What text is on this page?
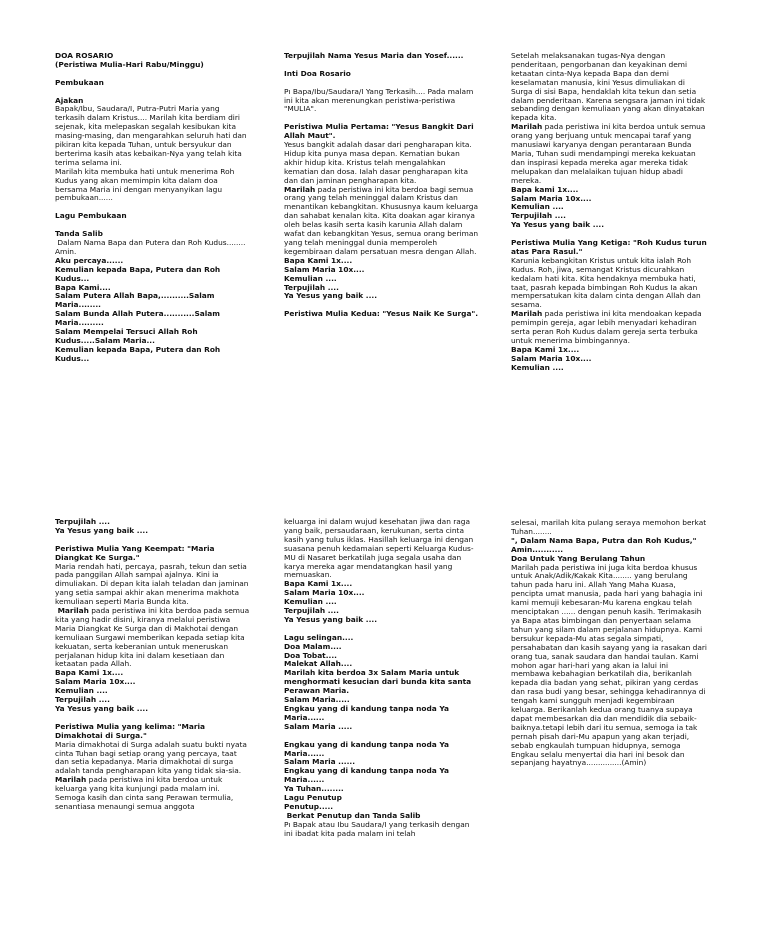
DOA ROSARIO
(Peristiwa Mulia-Hari Rabu/Minggu)
Pembukaan
Ajakan
Bapak/Ibu, Saudara/I, Putra-Putri Maria yang terkasih dalam Kristus.... Marilah kita berdiam diri sejenak, kita melepaskan segalah kesibukan kita masing-masing, dan mengarahkan seluruh hati dan pikiran kita kepada Tuhan, untuk bersyukur dan berterima kasih atas kebaikan-Nya yang telah kita terima selama ini.
Marilah kita membuka hati untuk menerima Roh Kudus yang akan memimpin kita dalam doa bersama Maria ini dengan menyanyikan lagu pembukaan......
Lagu Pembukaan
Tanda Salib
Dalam Nama Bapa dan Putera dan Roh Kudus........ Amin.
Aku percaya......
Kemulian kepada Bapa, Putera dan Roh Kudus...
Bapa Kami....
Salam Putera Allah Bapa,..........Salam Maria........
Salam Bunda Allah Putera...........Salam Maria.........
Salam Mempelai Tersuci Allah Roh Kudus.....Salam Maria...
Kemulian kepada Bapa, Putera dan Roh Kudus...
Terpujilah Nama Yesus Maria dan Yosef......
Inti Doa Rosario
Pı Bapa/Ibu/Saudara/I Yang Terkasih.... Pada malam ini kita akan merenungkan peristiwa-peristiwa "MULIA".
Peristiwa Mulia Pertama: "Yesus Bangkit Dari Allah Maut".
Yesus bangkit adalah dasar dari pengharapan kita. Hidup kita punya masa depan. Kematian bukan akhir hidup kita. Kristus telah mengalahkan kematian dan dosa. Ialah dasar pengharapan kita dan dan jaminan pengharapan kita.
Marilah pada peristiwa ini kita berdoa bagi semua orang yang telah meninggal dalam Kristus dan menantikan kebangkitan. Khususnya kaum keluarga dan sahabat kenalan kita. Kita doakan agar kiranya oleh belas kasih serta kasih karunia Allah dalam wafat dan kebangkitan Yesus, semua orang beriman yang telah meninggal dunia memperoleh kegembiraan dalam persatuan mesra dengan Allah.
Bapa Kami 1x....
Salam Maria 10x....
Kemulian ....
Terpujilah ....
Ya Yesus yang baik ....
Peristiwa Mulia Kedua: "Yesus Naik Ke Surga".
Setelah melaksanakan tugas-Nya dengan penderitaan, pengorbanan dan keyakinan demi ketaatan cinta-Nya kepada Bapa dan demi keselamatan manusia, kini Yesus dimuliakan di Surga di sisi Bapa, hendaklah kita tekun dan setia dalam penderitaan. Karena sengsara jaman ini tidak sebanding dengan kemuliaan yang akan dinyatakan kepada kita.
Marilah pada peristiwa ini kita berdoa untuk semua orang yang berjuang untuk mencapai taraf yang manusiawi karyanya dengan perantaraan Bunda Maria, Tuhan sudi mendampingi mereka kekuatan dan inspirasi kepada mereka agar mereka tidak melupakan dan melalaikan tujuan hidup abadi mereka.
Bapa kami 1x....
Salam Maria 10x....
Kemulian ....
Terpujilah ....
Ya Yesus yang baik ....
Peristiwa Mulia Yang Ketiga: "Roh Kudus turun atas Para Rasul."
Karunia kebangkitan Kristus untuk kita ialah Roh Kudus. Roh, jiwa, semangat Kristus dicurahkan kedalam hati kita. Kita hendaknya membuka hati, taat, pasrah kepada bimbingan Roh Kudus Ia akan mempersatukan kita dalam cinta dengan Allah dan sesama.
Marilah pada peristiwa ini kita mendoakan kepada pemimpin gereja, agar lebih menyadari kehadiran serta peran Roh Kudus dalam gereja serta terbuka untuk menerima bimbingannya.
Bapa Kami 1x....
Salam Maria 10x....
Kemulian ....
Terpujilah ....
Ya Yesus yang baik ....
Peristiwa Mulia Yang Keempat: "Maria Diangkat Ke Surga."
Maria rendah hati, percaya, pasrah, tekun dan setia pada panggilan Allah sampai ajalnya. Kini ia dimuliakan. Di depan kita ialah teladan dan jaminan yang setia sampai akhir akan menerima makhota kemuliaan seperti Maria Bunda kita.
Marilah pada peristiwa ini kita berdoa pada semua kita yang hadir disini, kiranya melalui peristiwa Maria Diangkat Ke Surga dan di Makhotai dengan kemuliaan Surgawi memberikan kepada setiap kita kekuatan, serta keberanian untuk meneruskan perjalanan hidup kita ini dalam kesetiaan dan ketaatan pada Allah.
Bapa Kami 1x....
Salam Maria 10x....
Kemulian ....
Terpujilah ....
Ya Yesus yang baik ....
Peristiwa Mulia yang kelima: "Maria Dimakhotai di Surga."
Maria dimakhotai di Surga adalah suatu bukti nyata cinta Tuhan bagi setiap orang yang percaya, taat dan setia kepadanya. Maria dimakhotai di surga adalah tanda pengharapan kita yang tidak sia-sia.
Marilah pada peristiwa ini kita berdoa untuk keluarga yang kita kunjungi pada malam ini. Semoga kasih dan cinta sang Perawan termulia, senantiasa menaungi semua anggota
keluarga ini dalam wujud kesehatan jiwa dan raga yang baik, persaudaraan, kerukunan, serta cinta kasih yang tulus iklas. Hasillah keluarga ini dengan suasana penuh kedamaian seperti Keluarga Kudus-MU di Nasaret berkatilah juga segala usaha dan karya mereka agar mendatangkan hasil yang memuaskan.
Bapa Kami 1x....
Salam Maria 10x....
Kemulian ....
Terpujilah ....
Ya Yesus yang baik ....
Lagu selingan....
Doa Malam....
Doa Tobat....
Malekat Allah....
Marilah kita berdoa 3x Salam Maria untuk menghormati kesucian dari bunda kita santa Perawan Maria.
Salam Maria.....
Engkau yang di kandung tanpa noda Ya Maria......
Salam Maria .....
Engkau yang di kandung tanpa noda Ya Maria......
Salam Maria ......
Engkau yang di kandung tanpa noda Ya Maria......
Ya Tuhan........
Lagu Penutup
Penutup.....
Berkat Penutup dan Tanda Salib
Pı Bapak atau Ibu Saudara/I yang terkasih dengan ini ibadat kita pada malam ini telah
selesai, marilah kita pulang seraya memohon berkat Tuhan........
", Dalam Nama Bapa, Putra dan Roh Kudus,"
Amin...........
Doa Untuk Yang Berulang Tahun
Marilah pada peristiwa ini juga kita berdoa khusus untuk Anak/Adik/Kakak Kita........ yang berulang tahun pada haru ini. Allah Yang Maha Kuasa, pencipta umat manusia, pada hari yang bahagia ini kami memuji kebesaran-Mu karena engkau telah menciptakan ...... dengan penuh kasih. Terimakasih ya Bapa atas bimbingan dan penyertaan selama tahun yang silam dalam perjalanan hidupnya. Kami bersukur kepada-Mu atas segala simpati, persahabatan dan kasih sayang yang ia rasakan dari orang tua, sanak saudara dan handai taulan. Kami mohon agar hari-hari yang akan ia lalui ini membawa kebahagian berkatilah dia, berikanlah kepada dia badan yang sehat, pikiran yang cerdas dan rasa budi yang besar, sehingga kehadirannya di tengah kami sungguh menjadi kegembiraan keluarga. Berikanlah kedua orang tuanya supaya dapat membesarkan dia dan mendidik dia sebaik-baiknya.tetapi lebih dari itu semua, semoga ia tak pernah pisah dari-Mu apapun yang akan terjadi, sebab engkaulah tumpuan hidupnya, semoga Engkau selalu menyertai dia hari ini besok dan sepanjang hayatnya...............(Amin)
